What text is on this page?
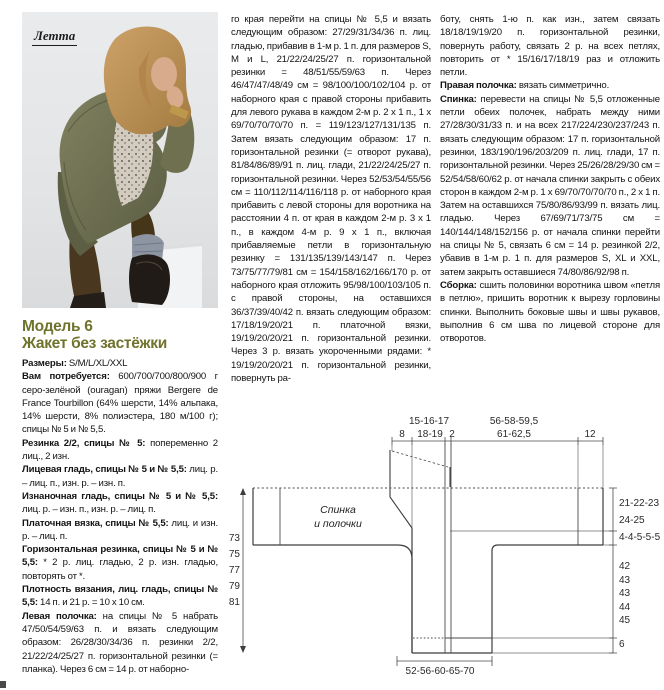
Летта
Модель 6
Жакет без застёжки

Размеры: S/M/L/XL/XXL

Вам потребуется: 600/700/700/800/900 г серо-зелёной (ouragan) пряжи Bergere de France Tourbillon (64% шерсти, 14% альпака, 14% шерсти, 8% полиэстера, 180 м/100 г); спицы № 5 и № 5,5.

Резинка 2/2, спицы № 5: попеременно 2 лиц., 2 изн.

Лицевая гладь, спицы № 5 и № 5,5: лиц. р. – лиц. п., изн. р. – изн. п.

Изнаночная гладь, спицы № 5 и № 5,5: лиц. р. – изн. п., изн. р. – лиц. п.

Платочная вязка, спицы № 5,5: лиц. и изн. р. – лиц. п.

Горизонтальная резинка, спицы № 5 и № 5,5: * 2 р. лиц. гладью, 2 р. изн. гладью, повторять от *.

Плотность вязания, лиц. гладь, спицы № 5,5: 14 п. и 21 р. = 10 x 10 см.

Левая полочка: на спицы № 5 набрать 47/50/54/59/63 п. и вязать следующим образом: 26/28/30/34/36 п. резинки 2/2, 21/22/24/25/27 п. горизонтальной резинки (= планка). Через 6 см = 14 р. от наборно-

го края перейти на спицы № 5,5 и вязать следующим образом: 27/29/31/34/36 п. лиц. гладью, прибавив в 1-м р. 1 п. для размеров S, M и L, 21/22/24/25/27 п. горизонтальной резинки = 48/51/55/59/63 п. Через 46/47/47/48/49 см = 98/100/100/102/104 р. от наборного края с правой стороны прибавить для левого рукава в каждом 2-м р. 2 x 1 п., 1 x 69/70/70/70/70 п. = 119/123/127/131/135 п. Затем вязать следующим образом: 17 п. горизонтальной резинки (= отворот рукава), 81/84/86/89/91 п. лиц. глади, 21/22/24/25/27 п. горизонтальной резинки. Через 52/53/54/55/56 см = 110/112/114/116/118 р. от наборного края прибавить с левой стороны для воротника на расстоянии 4 п. от края в каждом 2-м р. 3 x 1 п., в каждом 4-м р. 9 x 1 п., включая прибавляемые петли в горизонтальную резинку = 131/135/139/143/147 п. Через 73/75/77/79/81 см = 154/158/162/166/170 р. от наборного края отложить 95/98/100/103/105 п. с правой стороны, на оставшихся 36/37/39/40/42 п. вязать следующим образом: 17/18/19/20/21 п. платочной вязки, 19/19/20/20/21 п. горизонтальной резинки. Через 3 р. вязать укороченными рядами: * 19/19/20/20/21 п. горизонтальной резинки, повернуть ра-

боту, снять 1-ю п. как изн., затем связать 18/18/19/19/20 п. горизонтальной резинки, повернуть работу, связать 2 р. на всех петлях, повторить от * 15/16/17/18/19 раз и отложить петли.

Правая полочка: вязать симметрично.

Спинка: перевести на спицы № 5,5 отложенные петли обеих полочек, набрать между ними 27/28/30/31/33 п. и на всех 217/224/230/237/243 п. вязать следующим образом: 17 п. горизонтальной резинки, 183/190/196/203/209 п. лиц. глади, 17 п. горизонтальной резинки. Через 25/26/28/29/30 см = 52/54/58/60/62 р. от начала спинки закрыть с обеих сторон в каждом 2-м р. 1 x 69/70/70/70/70 п., 2 x 1 п. Затем на оставшихся 75/80/86/93/99 п. вязать лиц. гладью. Через 67/69/71/73/75 см = 140/144/148/152/156 р. от начала спинки перейти на спицы № 5, связать 6 см = 14 р. резинкой 2/2, убавив в 1-м р. 1 п. для размеров S, XL и XXL, затем закрыть оставшиеся 74/80/86/92/98 п.

Сборка: сшить половинки воротника швом «петля в петлю», пришить воротник к вырезу горловины спинки. Выполнить боковые швы и швы рукавов, выполнив 6 см шва по лицевой стороне для отворотов.

15-16-17	56-58-59,5
8 18-19 2	61-62,5	12
73
75
77
79
81
21-22-23
24-25
4-4-5-5-5
42
43
43
44
45
6
52-56-60-65-70
Спинка
и полочки
